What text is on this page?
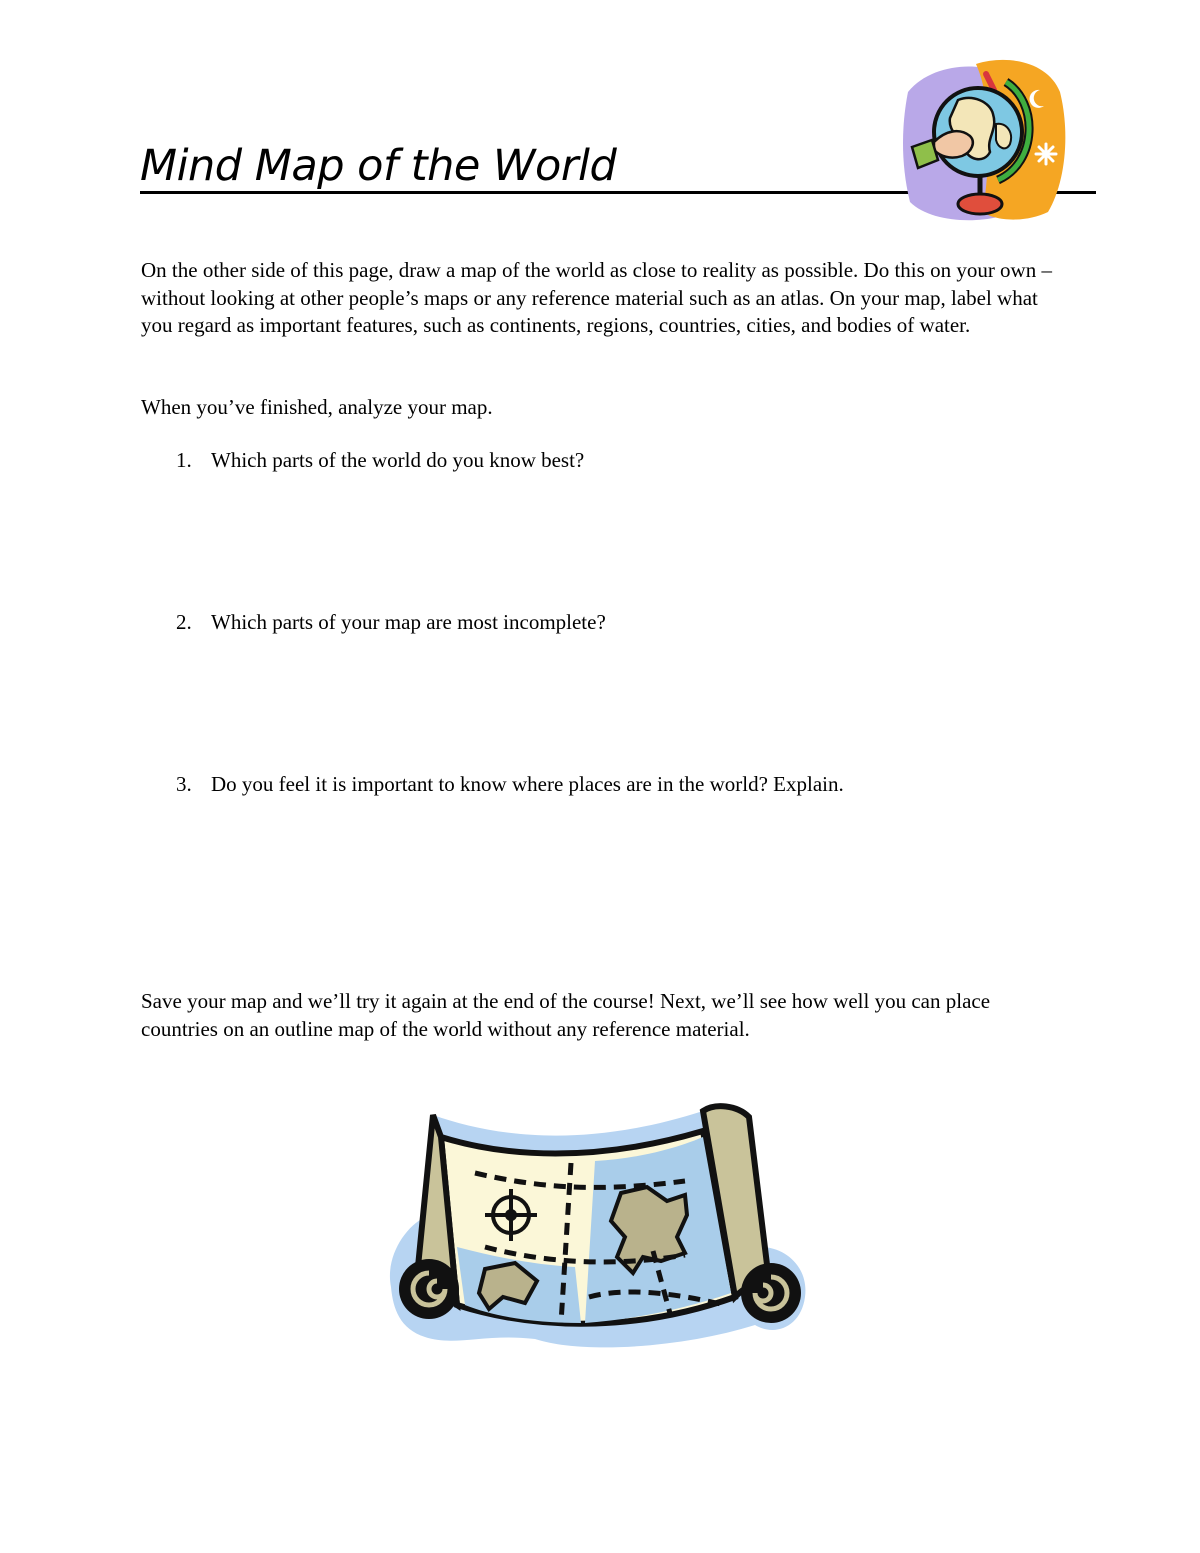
Mind Map of the World

On the other side of this page, draw a map of the world as close to reality as possible. Do this on your own – without looking at other people’s maps or any reference material such as an atlas. On your map, label what you regard as important features, such as continents, regions, countries, cities, and bodies of water.

When you’ve finished, analyze your map.

1. Which parts of the world do you know best?
2. Which parts of your map are most incomplete?
3. Do you feel it is important to know where places are in the world? Explain.

Save your map and we’ll try it again at the end of the course! Next, we’ll see how well you can place countries on an outline map of the world without any reference material.
